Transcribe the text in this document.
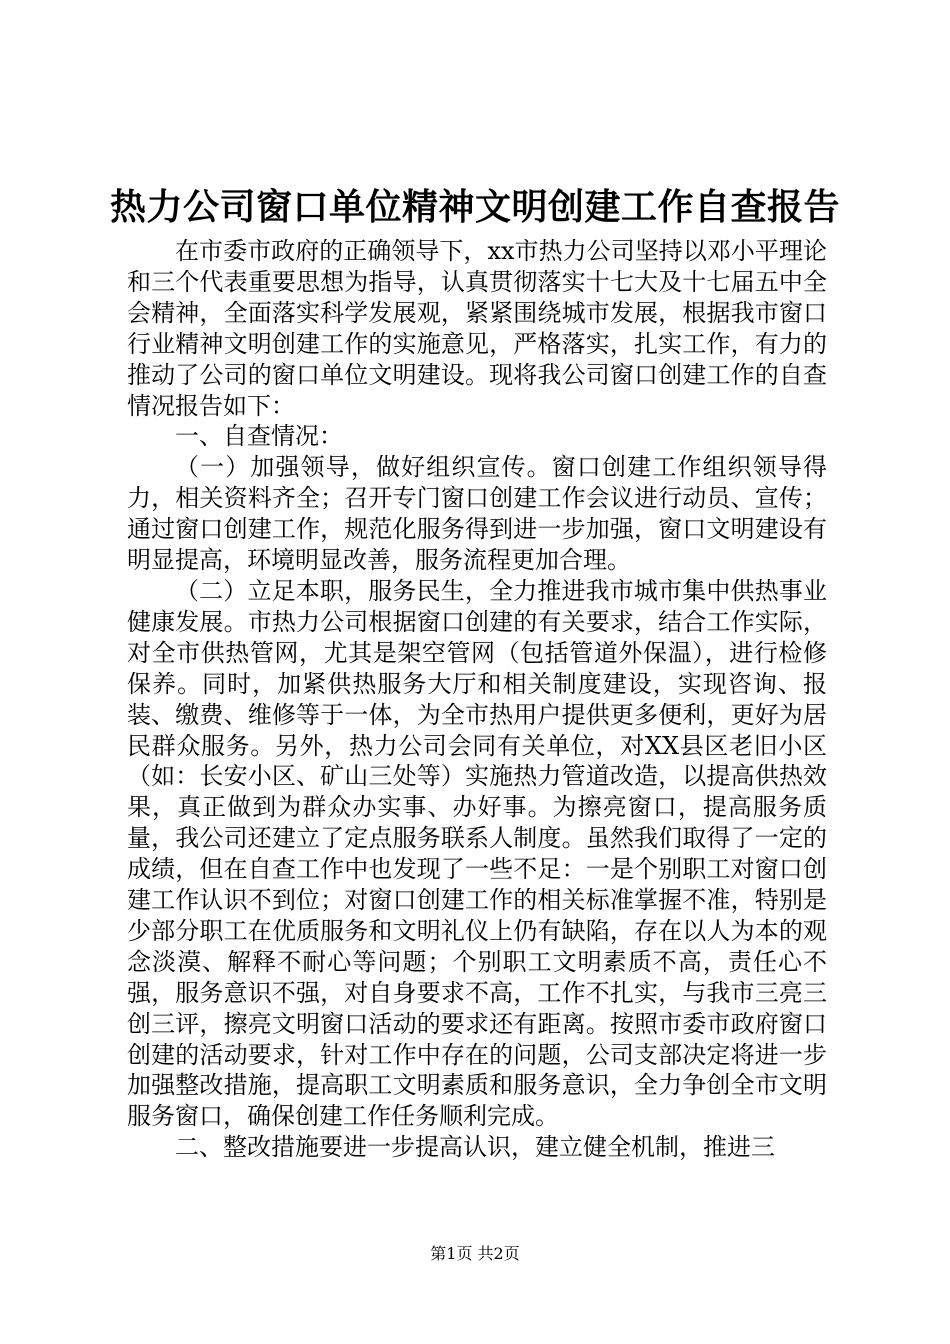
热力公司窗口单位精神文明创建工作自查报告

在市委市政府的正确领导下，xx市热力公司坚持以邓小平理论和三个代表重要思想为指导，认真贯彻落实十七大及十七届五中全会精神，全面落实科学发展观，紧紧围绕城市发展，根据我市窗口行业精神文明创建工作的实施意见，严格落实，扎实工作，有力的推动了公司的窗口单位文明建设。现将我公司窗口创建工作的自查情况报告如下：

一、自查情况：

（一）加强领导，做好组织宣传。窗口创建工作组织领导得力，相关资料齐全；召开专门窗口创建工作会议进行动员、宣传；通过窗口创建工作，规范化服务得到进一步加强，窗口文明建设有明显提高，环境明显改善，服务流程更加合理。

（二）立足本职，服务民生，全力推进我市城市集中供热事业健康发展。市热力公司根据窗口创建的有关要求，结合工作实际，对全市供热管网，尤其是架空管网（包括管道外保温），进行检修保养。同时，加紧供热服务大厅和相关制度建设，实现咨询、报装、缴费、维修等于一体，为全市热用户提供更多便利，更好为居民群众服务。另外，热力公司会同有关单位，对XX县区老旧小区（如：长安小区、矿山三处等）实施热力管道改造，以提高供热效果，真正做到为群众办实事、办好事。为擦亮窗口，提高服务质量，我公司还建立了定点服务联系人制度。虽然我们取得了一定的成绩，但在自查工作中也发现了一些不足：一是个别职工对窗口创建工作认识不到位；对窗口创建工作的相关标准掌握不准，特别是少部分职工在优质服务和文明礼仪上仍有缺陷，存在以人为本的观念淡漠、解释不耐心等问题；个别职工文明素质不高，责任心不强，服务意识不强，对自身要求不高，工作不扎实，与我市三亮三创三评，擦亮文明窗口活动的要求还有距离。按照市委市政府窗口创建的活动要求，针对工作中存在的问题，公司支部决定将进一步加强整改措施，提高职工文明素质和服务意识，全力争创全市文明服务窗口，确保创建工作任务顺利完成。

二、整改措施要进一步提高认识，建立健全机制，推进三

第1页 共2页
